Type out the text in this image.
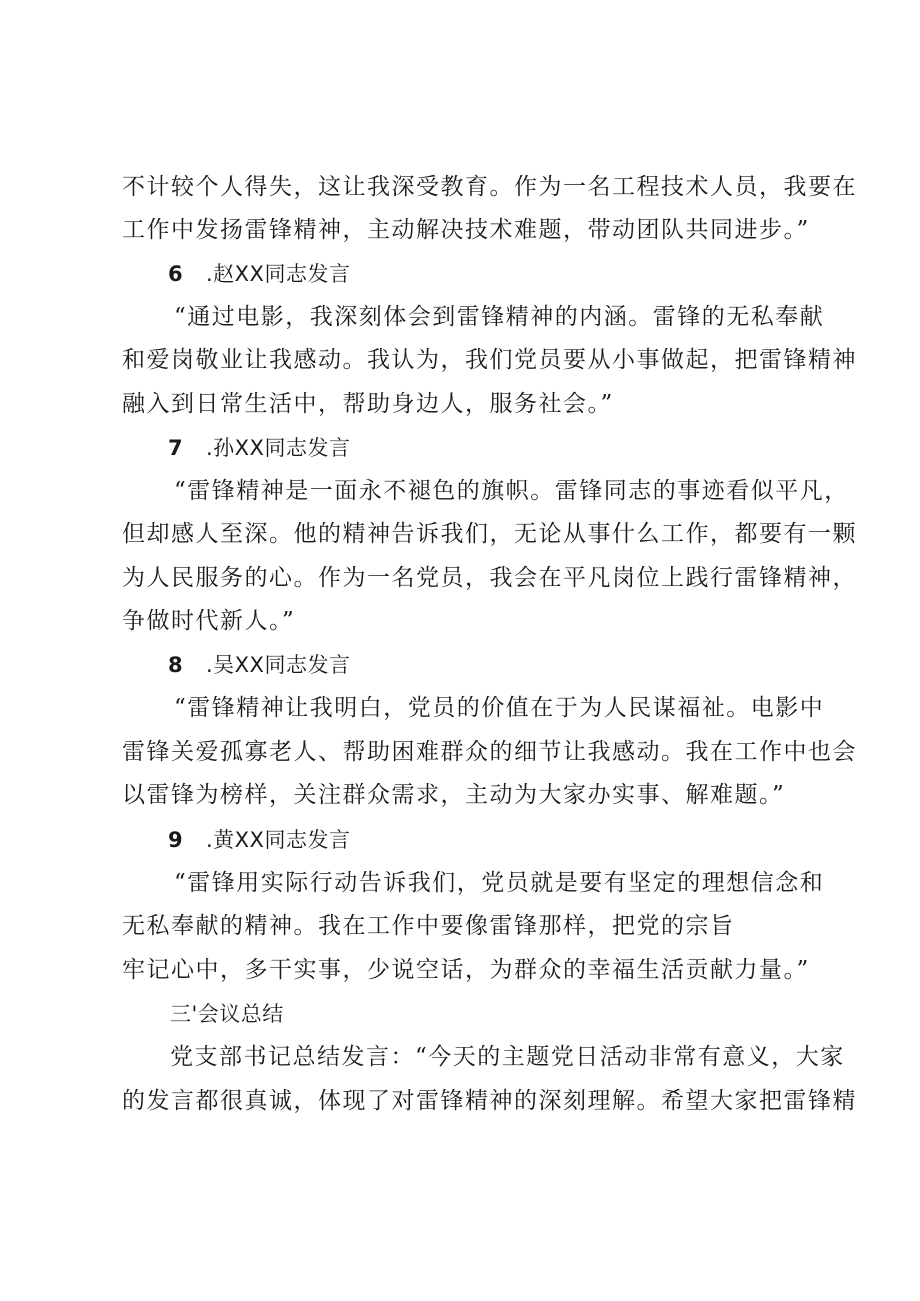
不计较个人得失，这让我深受教育。作为一名工程技术人员，我要在
工作中发扬雷锋精神，主动解决技术难题，带动团队共同进步。”
6 .赵XX同志发言
“通过电影，我深刻体会到雷锋精神的内涵。雷锋的无私奉献
和爱岗敬业让我感动。我认为，我们党员要从小事做起，把雷锋精神
融入到日常生活中，帮助身边人，服务社会。”
7 .孙XX同志发言
“雷锋精神是一面永不褪色的旗帜。雷锋同志的事迹看似平凡，
但却感人至深。他的精神告诉我们，无论从事什么工作，都要有一颗
为人民服务的心。作为一名党员，我会在平凡岗位上践行雷锋精神，
争做时代新人。”
8 .吴XX同志发言
“雷锋精神让我明白，党员的价值在于为人民谋福祉。电影中
雷锋关爱孤寡老人、帮助困难群众的细节让我感动。我在工作中也会
以雷锋为榜样，关注群众需求，主动为大家办实事、解难题。”
9 .黄XX同志发言
“雷锋用实际行动告诉我们，党员就是要有坚定的理想信念和
无私奉献的精神。我在工作中要像雷锋那样，把党的宗旨
牢记心中，多干实事，少说空话，为群众的幸福生活贡献力量。”
三'会议总结
党支部书记总结发言：“今天的主题党日活动非常有意义，大家
的发言都很真诚，体现了对雷锋精神的深刻理解。希望大家把雷锋精
